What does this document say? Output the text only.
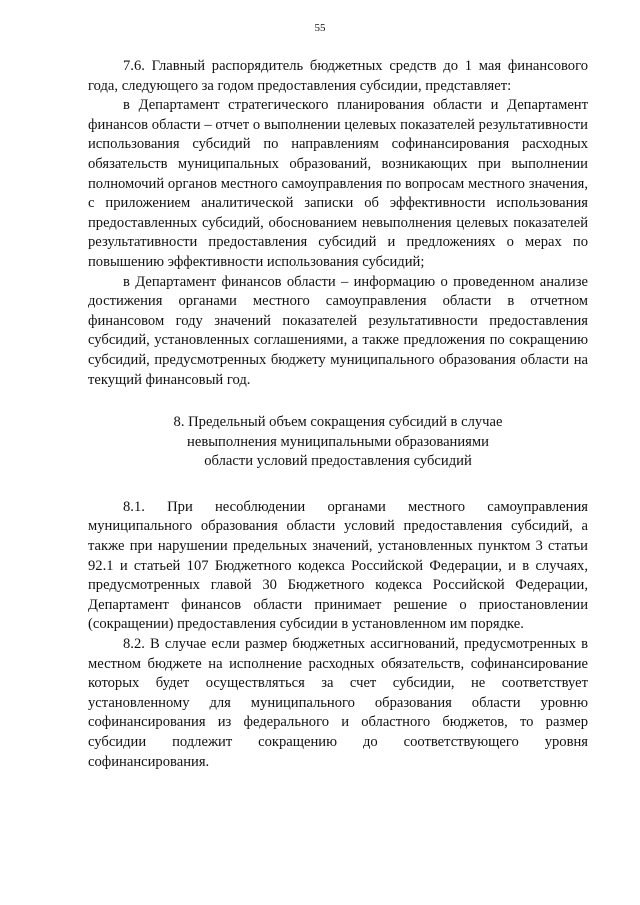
55

7.6. Главный распорядитель бюджетных средств до 1 мая финансового года, следующего за годом предоставления субсидии, представляет:

в Департамент стратегического планирования области и Департамент финансов области – отчет о выполнении целевых показателей результативности использования субсидий по направлениям софинансирования расходных обязательств муниципальных образований, возникающих при выполнении полномочий органов местного самоуправления по вопросам местного значения, с приложением аналитической записки об эффективности использования предоставленных субсидий, обоснованием невыполнения целевых показателей результативности предоставления субсидий и предложениях о мерах по повышению эффективности использования субсидий;

в Департамент финансов области – информацию о проведенном анализе достижения органами местного самоуправления области в отчетном финансовом году значений показателей результативности предоставления субсидий, установленных соглашениями, а также предложения по сокращению субсидий, предусмотренных бюджету муниципального образования области на текущий финансовый год.

8. Предельный объем сокращения субсидий в случае
невыполнения муниципальными образованиями
области условий предоставления субсидий

8.1. При несоблюдении органами местного самоуправления муниципального образования области условий предоставления субсидий, а также при нарушении предельных значений, установленных пунктом 3 статьи 92.1 и статьей 107 Бюджетного кодекса Российской Федерации, и в случаях, предусмотренных главой 30 Бюджетного кодекса Российской Федерации, Департамент финансов области принимает решение о приостановлении (сокращении) предоставления субсидии в установленном им порядке.

8.2. В случае если размер бюджетных ассигнований, предусмотренных в местном бюджете на исполнение расходных обязательств, софинансирование которых будет осуществляться за счет субсидии, не соответствует установленному для муниципального образования области уровню софинансирования из федерального и областного бюджетов, то размер субсидии подлежит сокращению до соответствующего уровня софинансирования.
